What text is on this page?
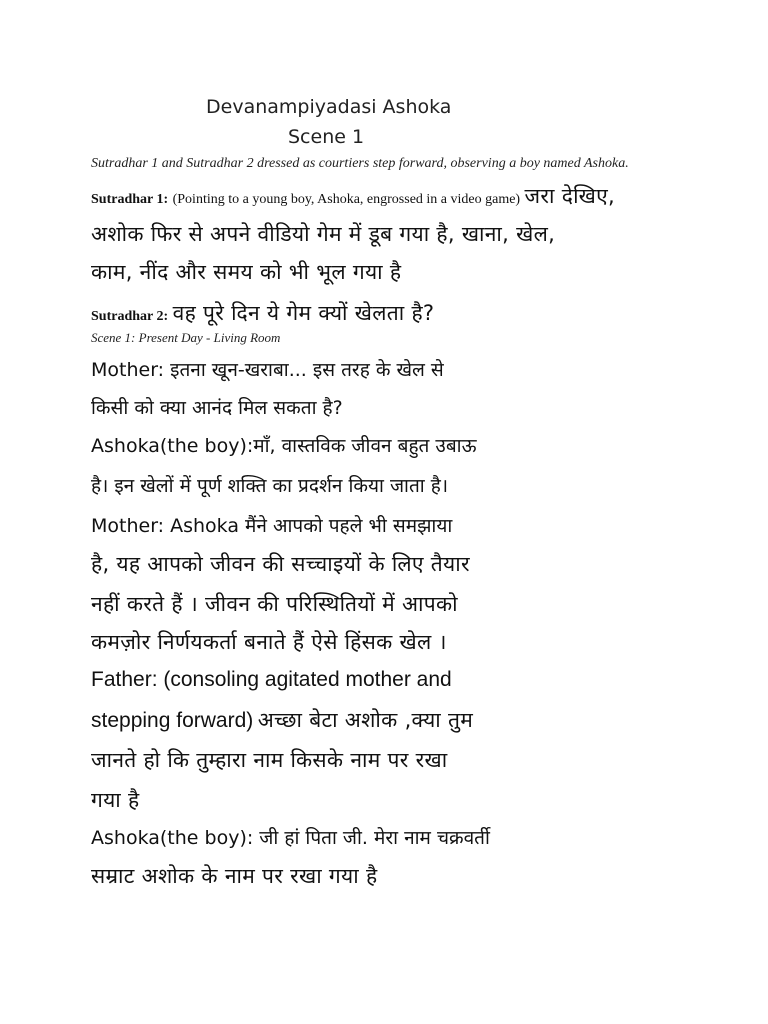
Devanampiyadasi Ashoka

Scene 1

Sutradhar 1 and Sutradhar 2 dressed as courtiers step forward, observing a boy named Ashoka.

Sutradhar 1: (Pointing to a young boy, Ashoka, engrossed in a video game) जरा देखिए,

अशोक फिर से अपने वीडियो गेम में डूब गया है, खाना, खेल,

काम, नींद और समय को भी भूल गया है

Sutradhar 2: वह पूरे दिन ये गेम क्यों खेलता है?

Scene 1: Present Day - Living Room

Mother: इतना खून-खराबा... इस तरह के खेल से

किसी को क्या आनंद मिल सकता है?

Ashoka(the boy):माँ, वास्तविक जीवन बहुत उबाऊ

है। इन खेलों में पूर्ण शक्ति का प्रदर्शन किया जाता है।

Mother: Ashoka मैंने आपको पहले भी समझाया

है, यह आपको जीवन की सच्चाइयों के लिए तैयार

नहीं करते हैं । जीवन की परिस्थितियों में आपको

कमज़ोर निर्णयकर्ता बनाते हैं ऐसे हिंसक खेल ।

Father: (consoling agitated mother and

stepping forward) अच्छा बेटा अशोक ,क्या तुम

जानते हो कि तुम्हारा नाम किसके नाम पर रखा

गया है

Ashoka(the boy): जी हां पिता जी. मेरा नाम चक्रवर्ती

सम्राट अशोक के नाम पर रखा गया है
